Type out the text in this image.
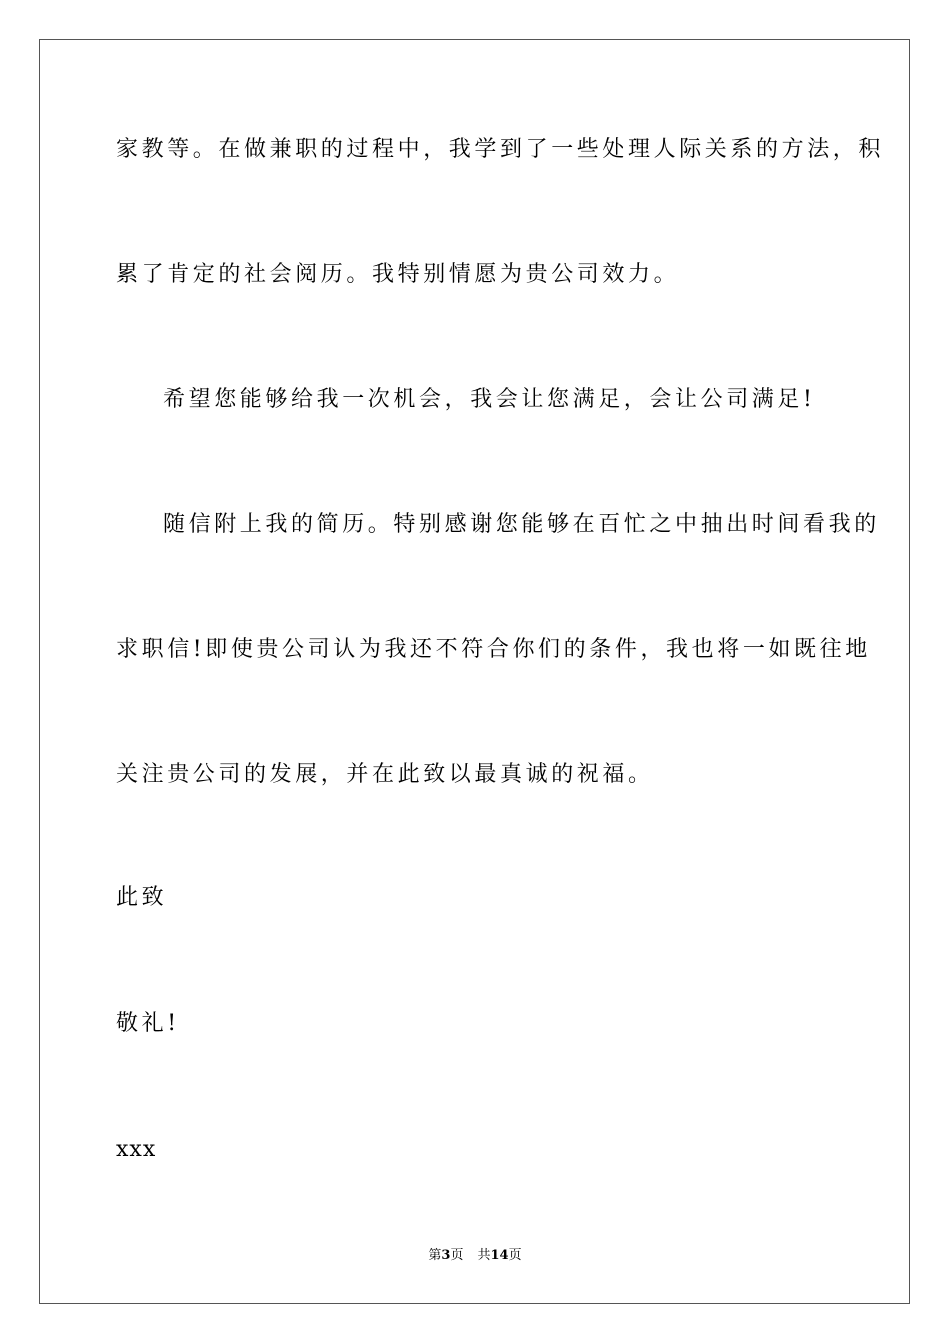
家教等。在做兼职的过程中，我学到了一些处理人际关系的方法，积
累了肯定的社会阅历。我特别情愿为贵公司效力。
希望您能够给我一次机会，我会让您满足，会让公司满足!
随信附上我的简历。特别感谢您能够在百忙之中抽出时间看我的
求职信!即使贵公司认为我还不符合你们的条件，我也将一如既往地
关注贵公司的发展，并在此致以最真诚的祝福。
此致
敬礼!
xxx
第3页 共14页
